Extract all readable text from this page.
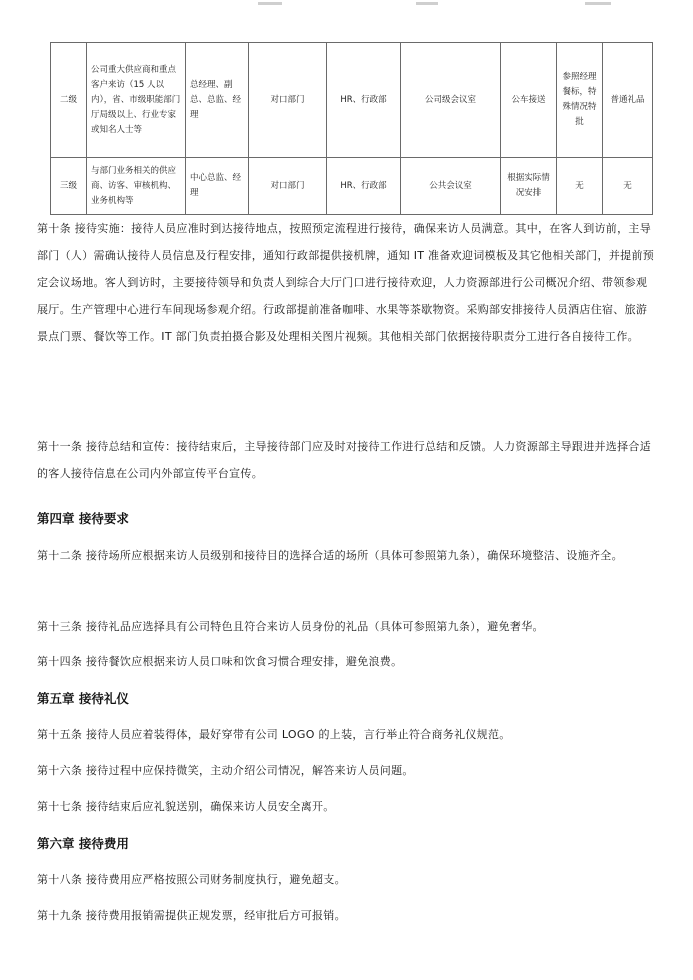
二级	公司重大供应商和重点客户来访（15 人以内），省、市级职能部门厅局级以上、行业专家或知名人士等	总经理、副总、总监、经理	对口部门	HR、行政部	公司级会议室	公车接送	参照经理餐标，特殊情况特批	普通礼品
三级	与部门业务相关的供应商、访客、审核机构、业务机构等	中心总监、经理	对口部门	HR、行政部	公共会议室	根据实际情况安排	无	无

第十条 接待实施：接待人员应准时到达接待地点，按照预定流程进行接待，确保来访人员满意。其中，在客人到访前，主导部门（人）需确认接待人员信息及行程安排，通知行政部提供接机牌，通知 IT 准备欢迎词模板及其它他相关部门，并提前预定会议场地。客人到访时，主要接待领导和负责人到综合大厅门口进行接待欢迎，人力资源部进行公司概况介绍、带领参观展厅。生产管理中心进行车间现场参观介绍。行政部提前准备咖啡、水果等茶歇物资。采购部安排接待人员酒店住宿、旅游景点门票、餐饮等工作。IT 部门负责拍摄合影及处理相关图片视频。其他相关部门依据接待职责分工进行各自接待工作。

第十一条 接待总结和宣传：接待结束后，主导接待部门应及时对接待工作进行总结和反馈。人力资源部主导跟进并选择合适的客人接待信息在公司内外部宣传平台宣传。

第四章 接待要求

第十二条 接待场所应根据来访人员级别和接待目的选择合适的场所（具体可参照第九条），确保环境整洁、设施齐全。

第十三条 接待礼品应选择具有公司特色且符合来访人员身份的礼品（具体可参照第九条），避免奢华。

第十四条 接待餐饮应根据来访人员口味和饮食习惯合理安排，避免浪费。

第五章 接待礼仪

第十五条 接待人员应着装得体，最好穿带有公司 LOGO 的上装，言行举止符合商务礼仪规范。

第十六条 接待过程中应保持微笑，主动介绍公司情况，解答来访人员问题。

第十七条 接待结束后应礼貌送别，确保来访人员安全离开。

第六章 接待费用

第十八条 接待费用应严格按照公司财务制度执行，避免超支。

第十九条 接待费用报销需提供正规发票，经审批后方可报销。
